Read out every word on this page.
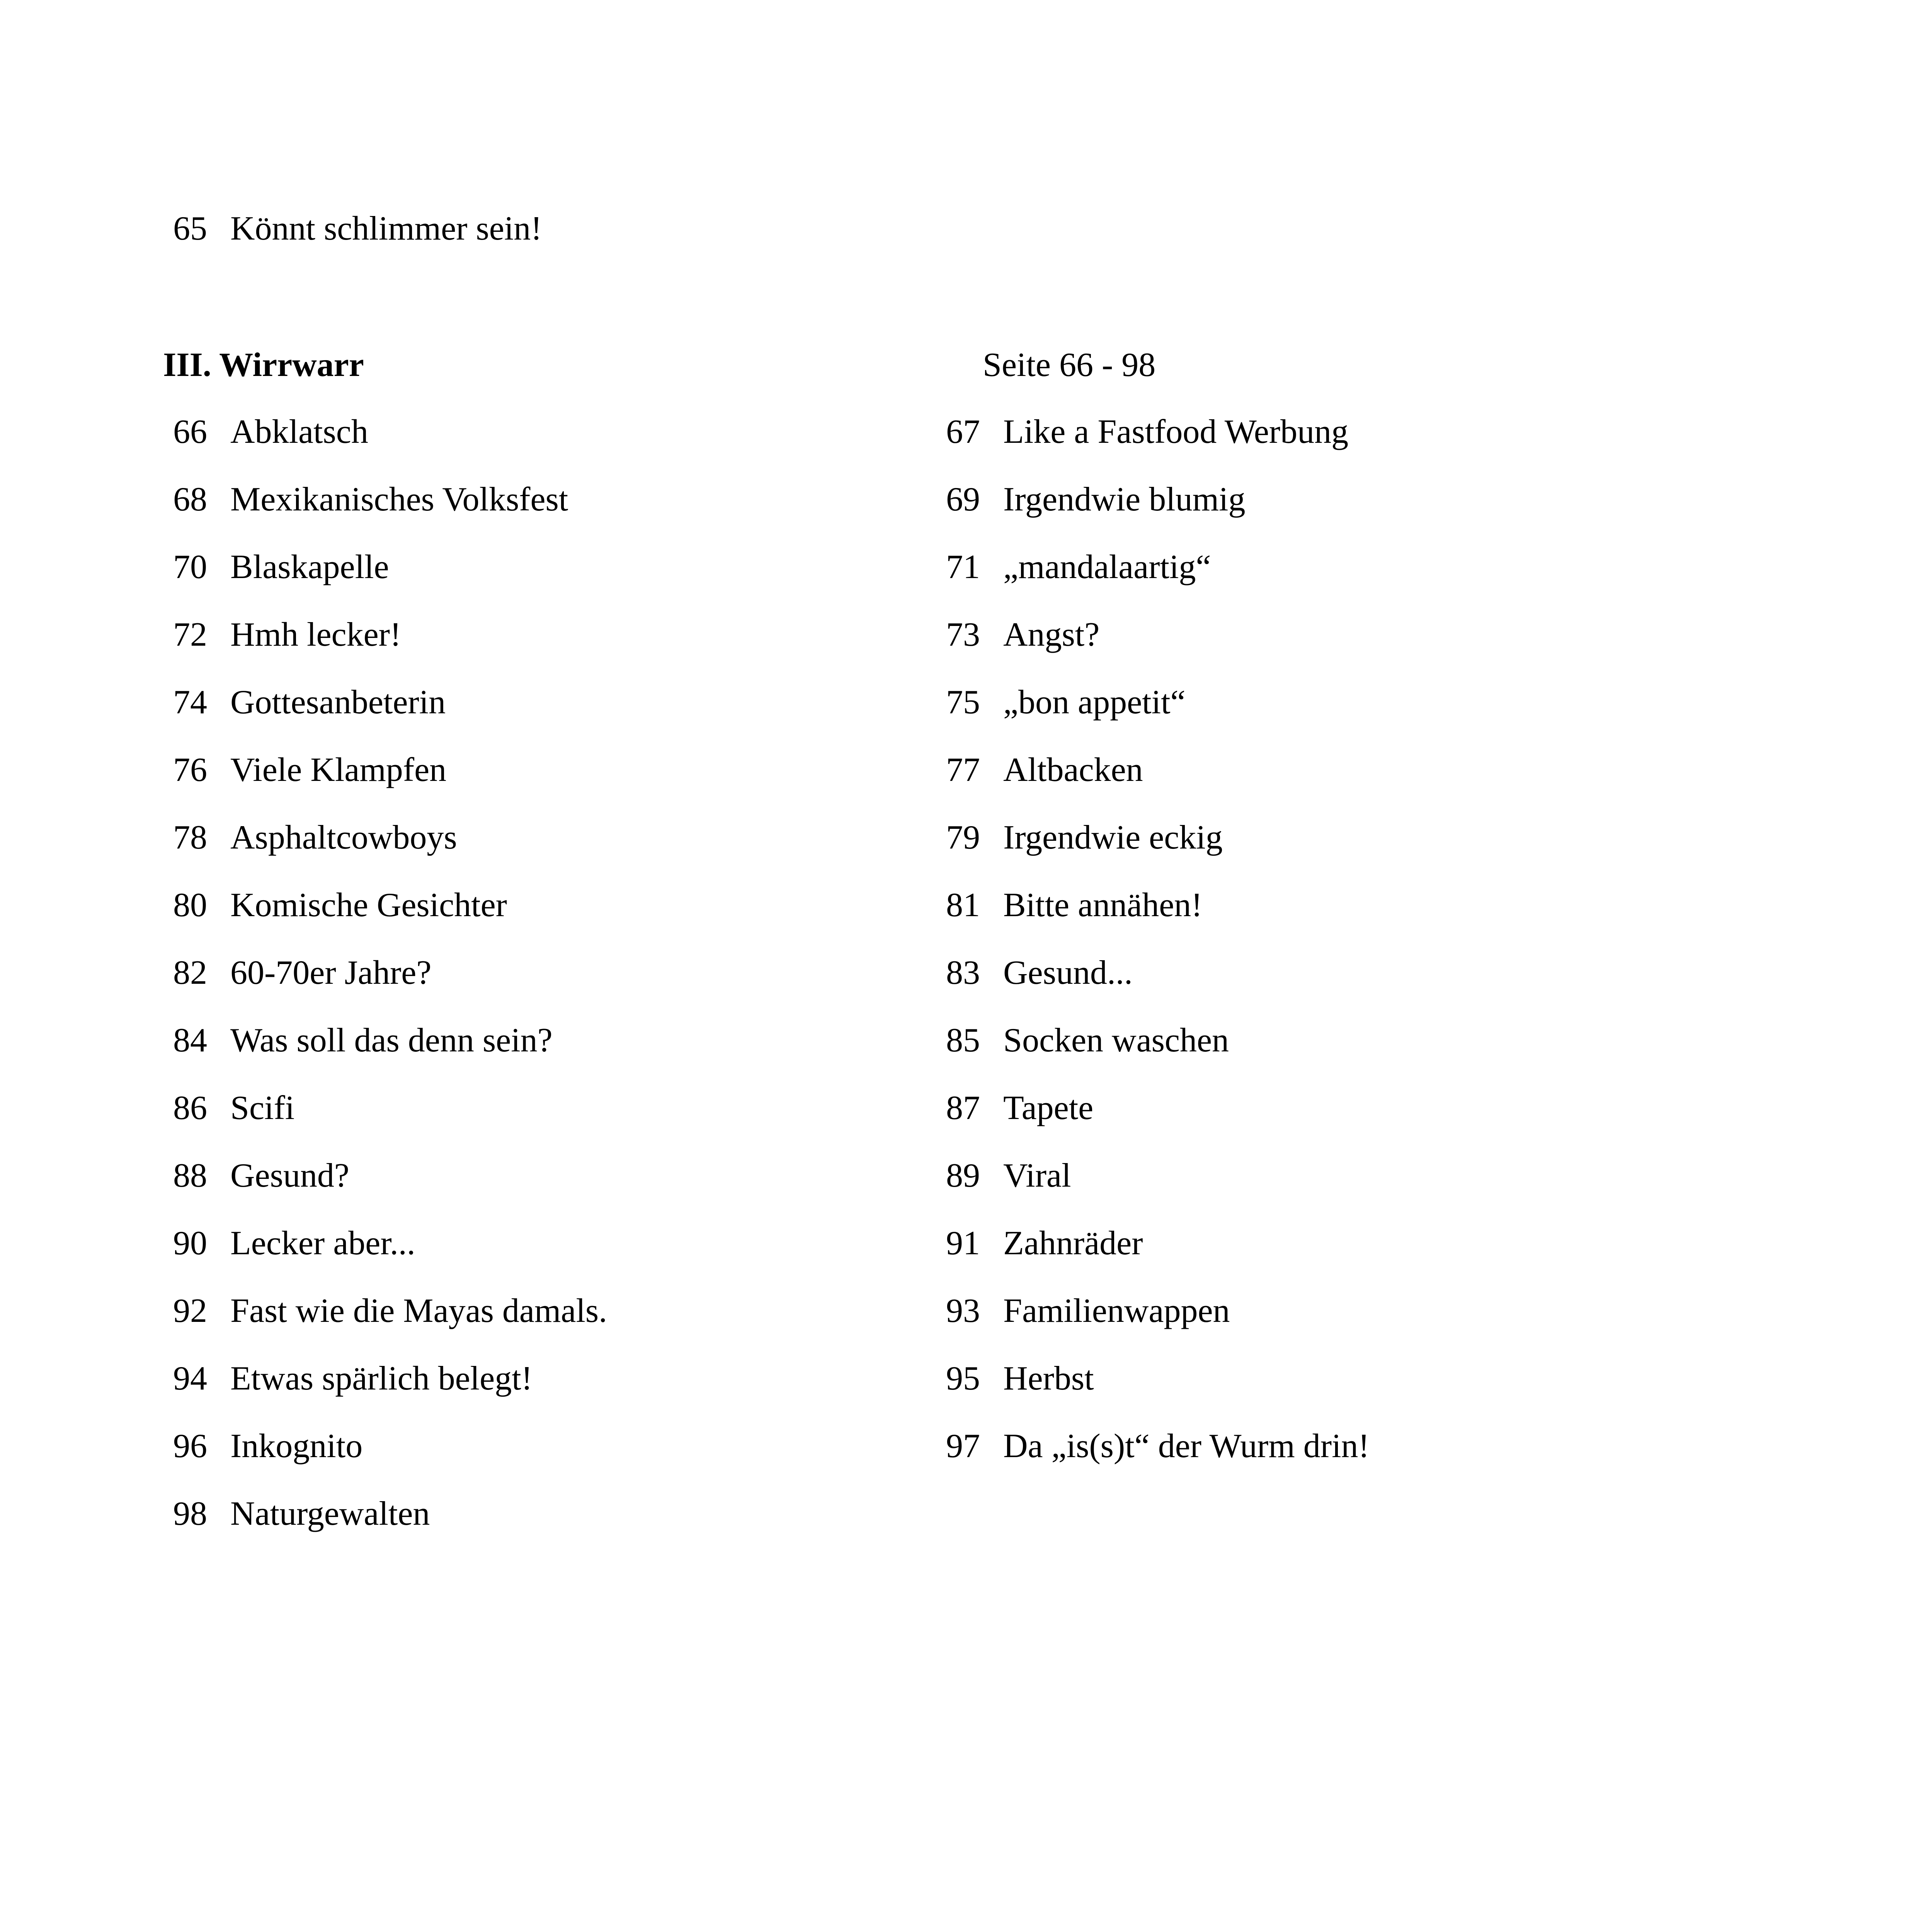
65 Könnt schlimmer sein!
III. Wirrwarr	Seite 66 - 98
66 Abklatsch	67 Like a Fastfood Werbung
68 Mexikanisches Volksfest	69 Irgendwie blumig
70 Blaskapelle	71 „mandalaartig“
72 Hmh lecker!	73 Angst?
74 Gottesanbeterin	75 „bon appetit“
76 Viele Klampfen	77 Altbacken
78 Asphaltcowboys	79 Irgendwie eckig
80 Komische Gesichter	81 Bitte annähen!
82 60-70er Jahre?	83 Gesund...
84 Was soll das denn sein?	85 Socken waschen
86 Scifi	87 Tapete
88 Gesund?	89 Viral
90 Lecker aber...	91 Zahnräder
92 Fast wie die Mayas damals.	93 Familienwappen
94 Etwas spärlich belegt!	95 Herbst
96 Inkognito	97 Da „is(s)t“ der Wurm drin!
98 Naturgewalten
